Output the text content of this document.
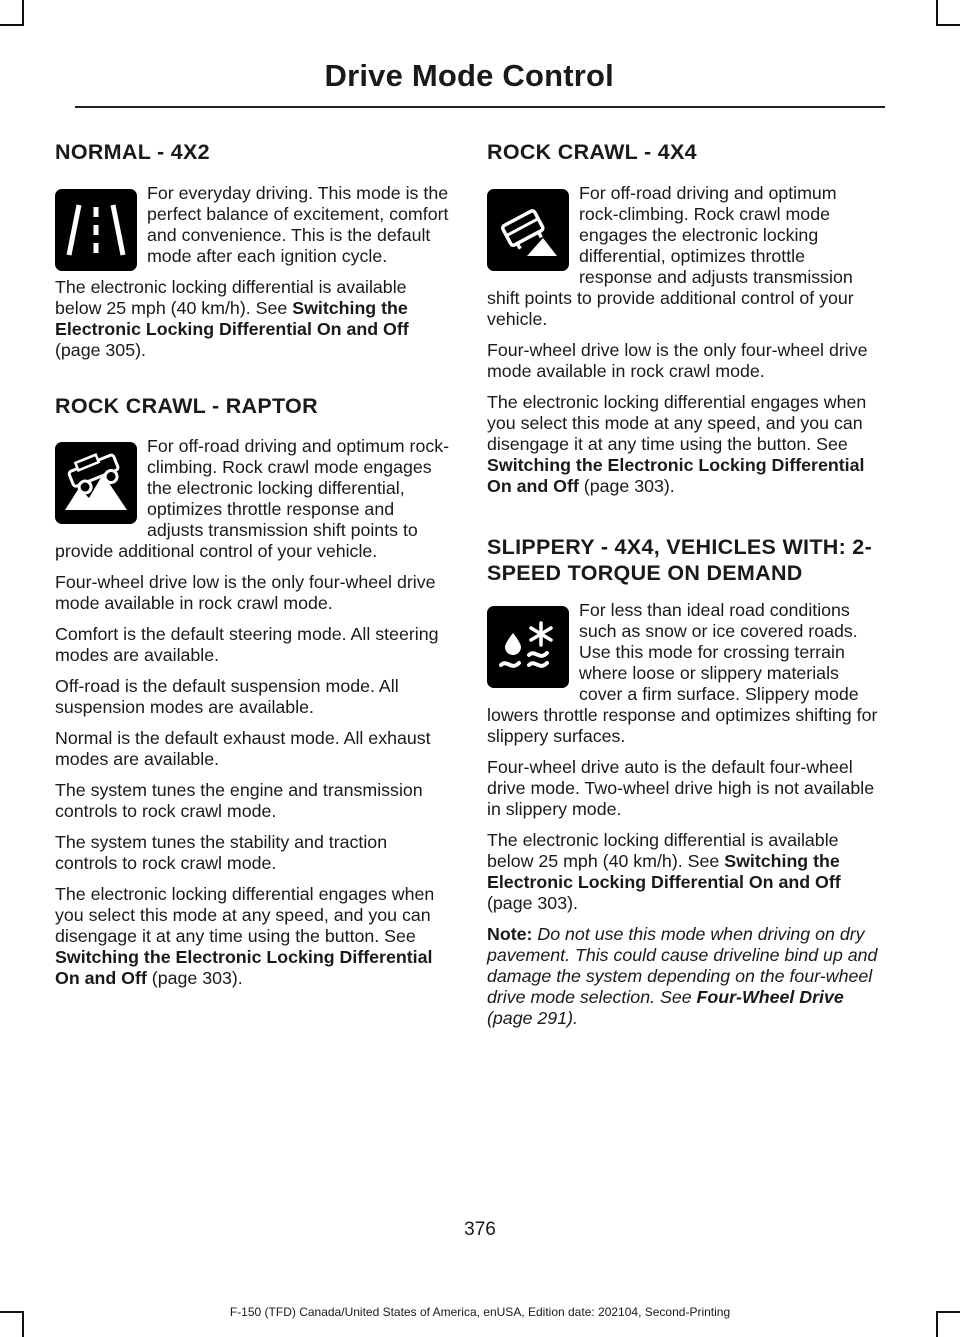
Drive Mode Control
NORMAL - 4X2

For everyday driving. This mode is the perfect balance of excitement, comfort and convenience. This is the default mode after each ignition cycle.

The electronic locking differential is available below 25 mph (40 km/h). See Switching the Electronic Locking Differential On and Off (page 305).

ROCK CRAWL - RAPTOR

For off-road driving and optimum rock-climbing. Rock crawl mode engages the electronic locking differential, optimizes throttle response and adjusts transmission shift points to provide additional control of your vehicle.

Four-wheel drive low is the only four-wheel drive mode available in rock crawl mode.

Comfort is the default steering mode. All steering modes are available.

Off-road is the default suspension mode. All suspension modes are available.

Normal is the default exhaust mode. All exhaust modes are available.

The system tunes the engine and transmission controls to rock crawl mode.

The system tunes the stability and traction controls to rock crawl mode.

The electronic locking differential engages when you select this mode at any speed, and you can disengage it at any time using the button. See Switching the Electronic Locking Differential On and Off (page 303).

ROCK CRAWL - 4X4

For off-road driving and optimum rock-climbing. Rock crawl mode engages the electronic locking differential, optimizes throttle response and adjusts transmission shift points to provide additional control of your vehicle.

Four-wheel drive low is the only four-wheel drive mode available in rock crawl mode.

The electronic locking differential engages when you select this mode at any speed, and you can disengage it at any time using the button. See Switching the Electronic Locking Differential On and Off (page 303).

SLIPPERY - 4X4, VEHICLES WITH: 2-SPEED TORQUE ON DEMAND

For less than ideal road conditions such as snow or ice covered roads. Use this mode for crossing terrain where loose or slippery materials cover a firm surface. Slippery mode lowers throttle response and optimizes shifting for slippery surfaces.

Four-wheel drive auto is the default four-wheel drive mode. Two-wheel drive high is not available in slippery mode.

The electronic locking differential is available below 25 mph (40 km/h). See Switching the Electronic Locking Differential On and Off (page 303).

Note: Do not use this mode when driving on dry pavement. This could cause driveline bind up and damage the system depending on the four-wheel drive mode selection. See Four-Wheel Drive (page 291).

376
F-150 (TFD) Canada/United States of America, enUSA, Edition date: 202104, Second-Printing
